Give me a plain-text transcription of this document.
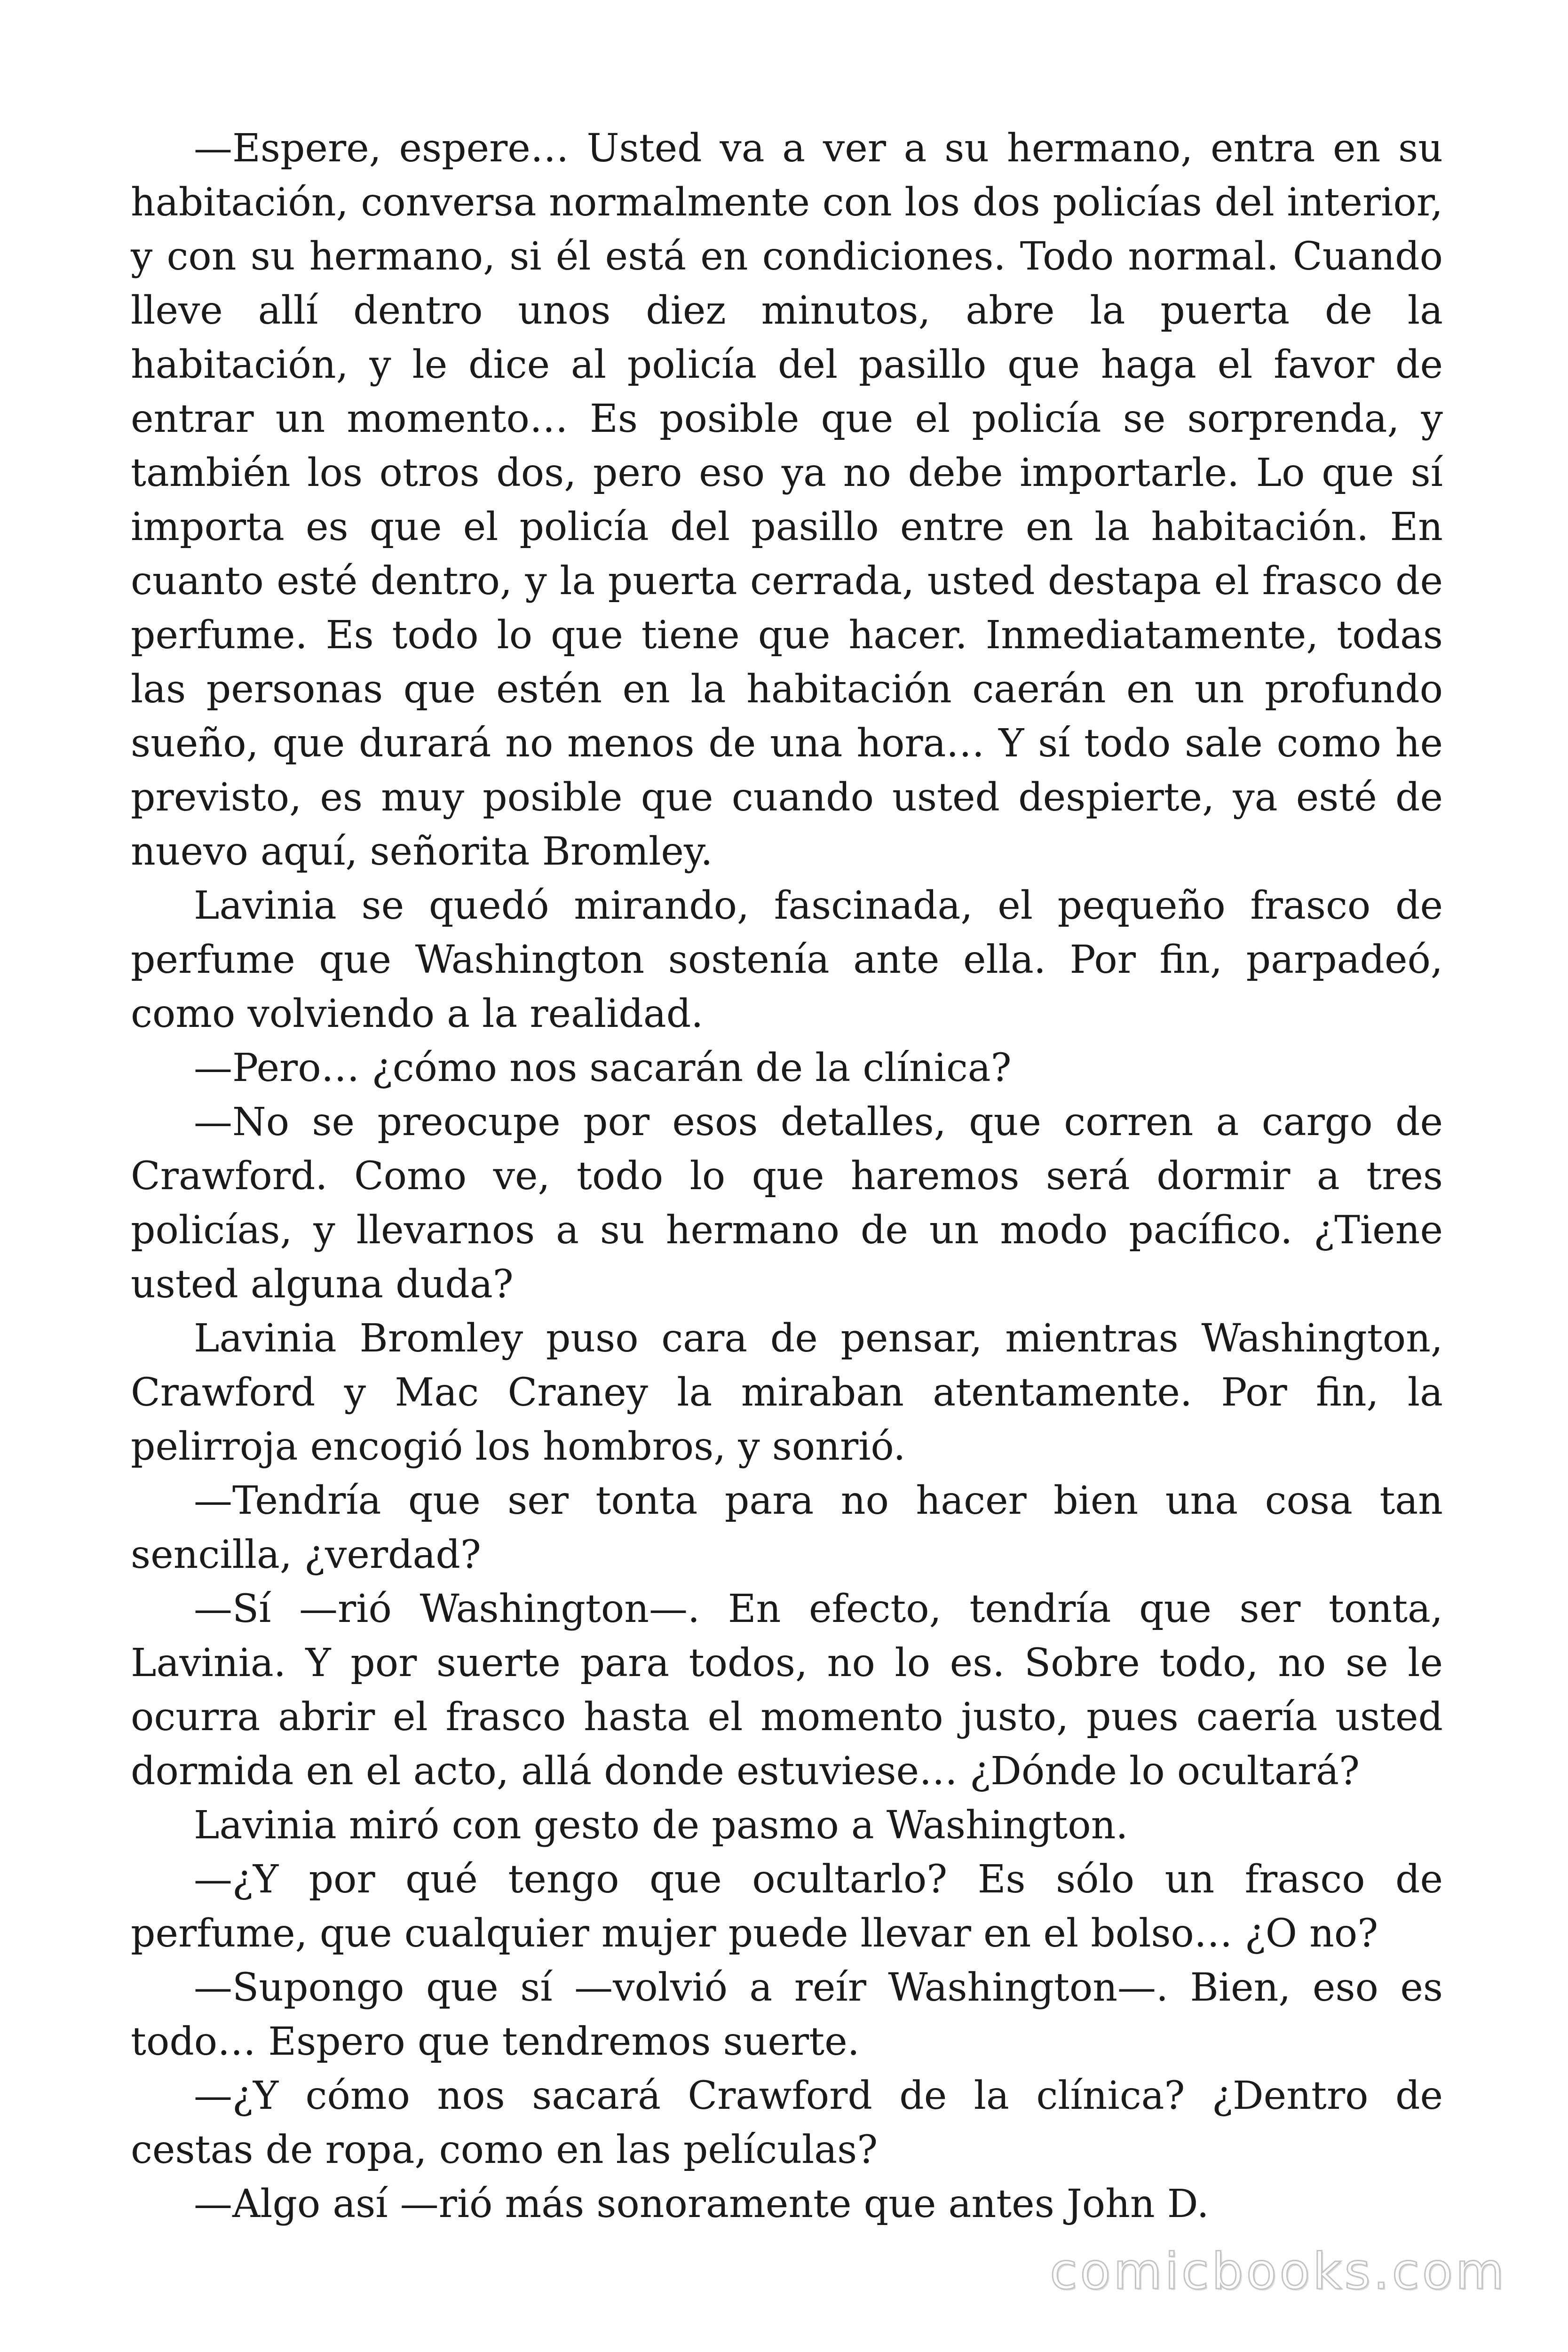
—Espere, espere… Usted va a ver a su hermano, entra en su habitación, conversa normalmente con los dos policías del interior, y con su hermano, si él está en condiciones. Todo normal. Cuando lleve allí dentro unos diez minutos, abre la puerta de la habitación, y le dice al policía del pasillo que haga el favor de entrar un momento… Es posible que el policía se sorprenda, y también los otros dos, pero eso ya no debe importarle. Lo que sí importa es que el policía del pasillo entre en la habitación. En cuanto esté dentro, y la puerta cerrada, usted destapa el frasco de perfume. Es todo lo que tiene que hacer. Inmediatamente, todas las personas que estén en la habitación caerán en un profundo sueño, que durará no menos de una hora… Y sí todo sale como he previsto, es muy posible que cuando usted despierte, ya esté de nuevo aquí, señorita Bromley.

Lavinia se quedó mirando, fascinada, el pequeño frasco de perfume que Washington sostenía ante ella. Por fin, parpadeó, como volviendo a la realidad.

—Pero… ¿cómo nos sacarán de la clínica?

—No se preocupe por esos detalles, que corren a cargo de Crawford. Como ve, todo lo que haremos será dormir a tres policías, y llevarnos a su hermano de un modo pacífico. ¿Tiene usted alguna duda?

Lavinia Bromley puso cara de pensar, mientras Washington, Crawford y Mac Craney la miraban atentamente. Por fin, la pelirroja encogió los hombros, y sonrió.

—Tendría que ser tonta para no hacer bien una cosa tan sencilla, ¿verdad?

—Sí —rió Washington—. En efecto, tendría que ser tonta, Lavinia. Y por suerte para todos, no lo es. Sobre todo, no se le ocurra abrir el frasco hasta el momento justo, pues caería usted dormida en el acto, allá donde estuviese… ¿Dónde lo ocultará?

Lavinia miró con gesto de pasmo a Washington.

—¿Y por qué tengo que ocultarlo? Es sólo un frasco de perfume, que cualquier mujer puede llevar en el bolso… ¿O no?

—Supongo que sí —volvió a reír Washington—. Bien, eso es todo… Espero que tendremos suerte.

—¿Y cómo nos sacará Crawford de la clínica? ¿Dentro de cestas de ropa, como en las películas?

—Algo así —rió más sonoramente que antes John D.

comicbooks.com
